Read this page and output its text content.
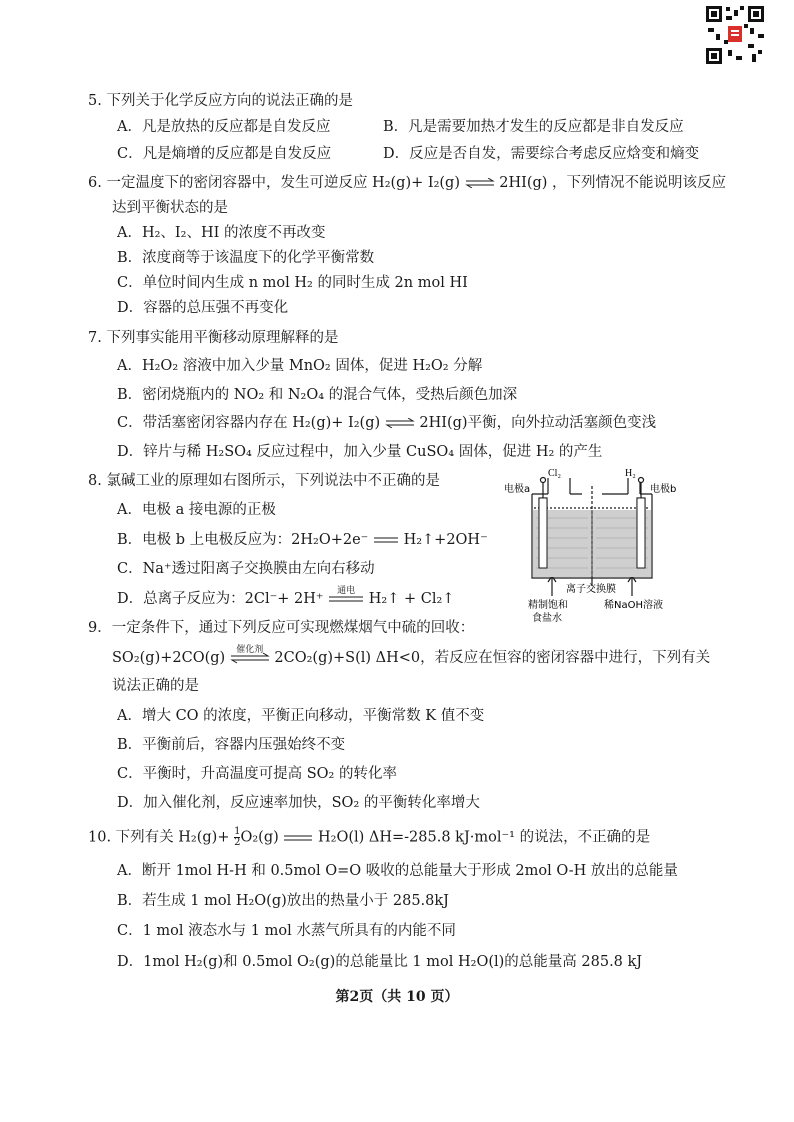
5. 下列关于化学反应方向的说法正确的是
A．凡是放热的反应都是自发反应	B．凡是需要加热才发生的反应都是非自发反应
C．凡是熵增的反应都是自发反应	D．反应是否自发，需要综合考虑反应焓变和熵变
6. 一定温度下的密闭容器中，发生可逆反应 H₂(g)+ I₂(g) ⇌ 2HI(g) ，下列情况不能说明该反应
达到平衡状态的是
A．H₂、I₂、HI 的浓度不再改变
B．浓度商等于该温度下的化学平衡常数
C．单位时间内生成 n mol H₂ 的同时生成 2n mol HI
D．容器的总压强不再变化
7. 下列事实能用平衡移动原理解释的是
A．H₂O₂ 溶液中加入少量 MnO₂ 固体，促进 H₂O₂ 分解
B．密闭烧瓶内的 NO₂ 和 N₂O₄ 的混合气体，受热后颜色加深
C．带活塞密闭容器内存在 H₂(g)+ I₂(g) ⇌ 2HI(g)平衡，向外拉动活塞颜色变浅
D．锌片与稀 H₂SO₄ 反应过程中，加入少量 CuSO₄ 固体，促进 H₂ 的产生
8. 氯碱工业的原理如右图所示，下列说法中不正确的是
A．电极 a 接电源的正极
B．电极 b 上电极反应为：2H₂O+2e⁻ H₂↑+2OH⁻
C．Na⁺透过阳离子交换膜由左向右移动
D．总离子反应为：2Cl⁻+ 2H⁺	通电 H₂↑ + Cl₂↑
Cl₂	H₂
电极a	电极b
离子交换膜
精制饱和
食盐水
稀NaOH溶液
9．一定条件下，通过下列反应可实现燃煤烟气中硫的回收：
SO₂(g)+2CO(g)	催化剂 2CO₂(g)+S(l) ΔH<0，若反应在恒容的密闭容器中进行，下列有关
说法正确的是
A．增大 CO 的浓度，平衡正向移动，平衡常数 K 值不变
B．平衡前后，容器内压强始终不变
C．平衡时，升高温度可提高 SO₂ 的转化率
D．加入催化剂，反应速率加快，SO₂ 的平衡转化率增大
10. 下列有关 $H_2(g)+ \frac{1}{2} O_2(g)$	H₂O(l) ΔH=-285.8 kJ·mol⁻¹ 的说法，不正确的是
A．断开 1mol H-H 和 0.5mol O=O 吸收的总能量大于形成 2mol O-H 放出的总能量
B．若生成 1 mol H₂O(g)放出的热量小于 285.8kJ
C．1 mol 液态水与 1 mol 水蒸气所具有的内能不同
D．1mol H₂(g)和 0.5mol O₂(g)的总能量比 1 mol H₂O(l)的总能量高 285.8 kJ
第2页（共 10 页）
